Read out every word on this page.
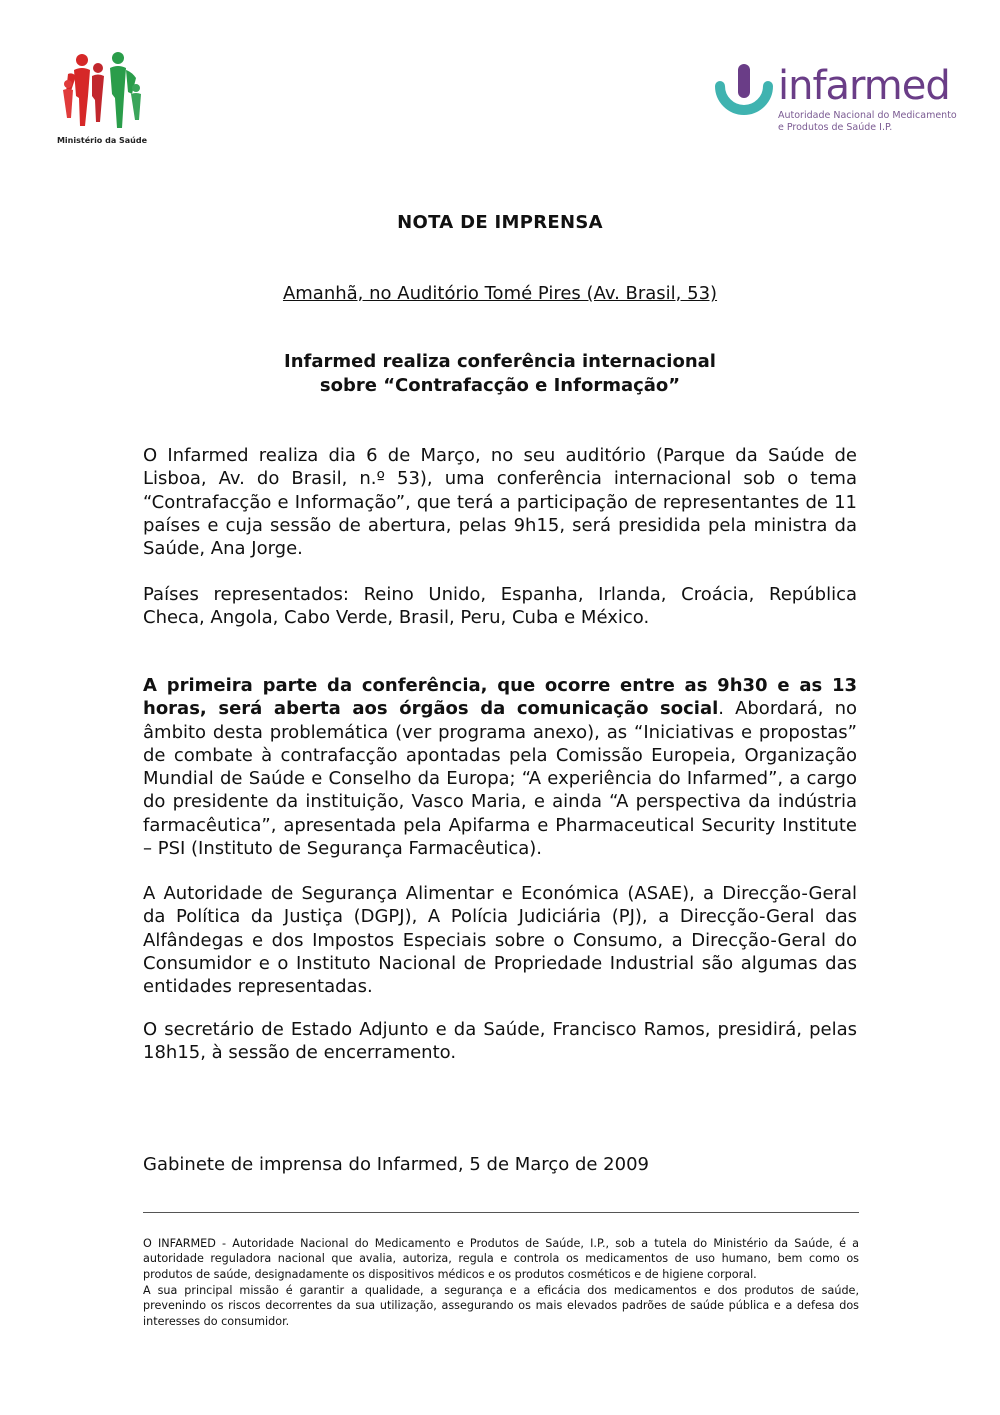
Ministério da Saúde
infarmed
Autoridade Nacional do Medicamento
e Produtos de Saúde I.P.
NOTA DE IMPRENSA
Amanhã, no Auditório Tomé Pires (Av. Brasil, 53)
Infarmed realiza conferência internacional
sobre “Contrafacção e Informação”

O Infarmed realiza dia 6 de Março, no seu auditório (Parque da Saúde de Lisboa, Av. do Brasil, n.º 53), uma conferência internacional sob o tema “Contrafacção e Informação”, que terá a participação de representantes de 11 países e cuja sessão de abertura, pelas 9h15, será presidida pela ministra da Saúde, Ana Jorge.

Países representados: Reino Unido, Espanha, Irlanda, Croácia, República Checa, Angola, Cabo Verde, Brasil, Peru, Cuba e México.

A primeira parte da conferência, que ocorre entre as 9h30 e as 13 horas, será aberta aos órgãos da comunicação social. Abordará, no âmbito desta problemática (ver programa anexo), as “Iniciativas e propostas” de combate à contrafacção apontadas pela Comissão Europeia, Organização Mundial de Saúde e Conselho da Europa; “A experiência do Infarmed”, a cargo do presidente da instituição, Vasco Maria, e ainda “A perspectiva da indústria farmacêutica”, apresentada pela Apifarma e Pharmaceutical Security Institute – PSI (Instituto de Segurança Farmacêutica).

A Autoridade de Segurança Alimentar e Económica (ASAE), a Direcção-Geral da Política da Justiça (DGPJ), A Polícia Judiciária (PJ), a Direcção-Geral das Alfândegas e dos Impostos Especiais sobre o Consumo, a Direcção-Geral do Consumidor e o Instituto Nacional de Propriedade Industrial são algumas das entidades representadas.

O secretário de Estado Adjunto e da Saúde, Francisco Ramos, presidirá, pelas 18h15, à sessão de encerramento.

Gabinete de imprensa do Infarmed, 5 de Março de 2009

O INFARMED - Autoridade Nacional do Medicamento e Produtos de Saúde, I.P., sob a tutela do Ministério da Saúde, é a autoridade reguladora nacional que avalia, autoriza, regula e controla os medicamentos de uso humano, bem como os produtos de saúde, designadamente os dispositivos médicos e os produtos cosméticos e de higiene corporal.

A sua principal missão é garantir a qualidade, a segurança e a eficácia dos medicamentos e dos produtos de saúde, prevenindo os riscos decorrentes da sua utilização, assegurando os mais elevados padrões de saúde pública e a defesa dos interesses do consumidor.
